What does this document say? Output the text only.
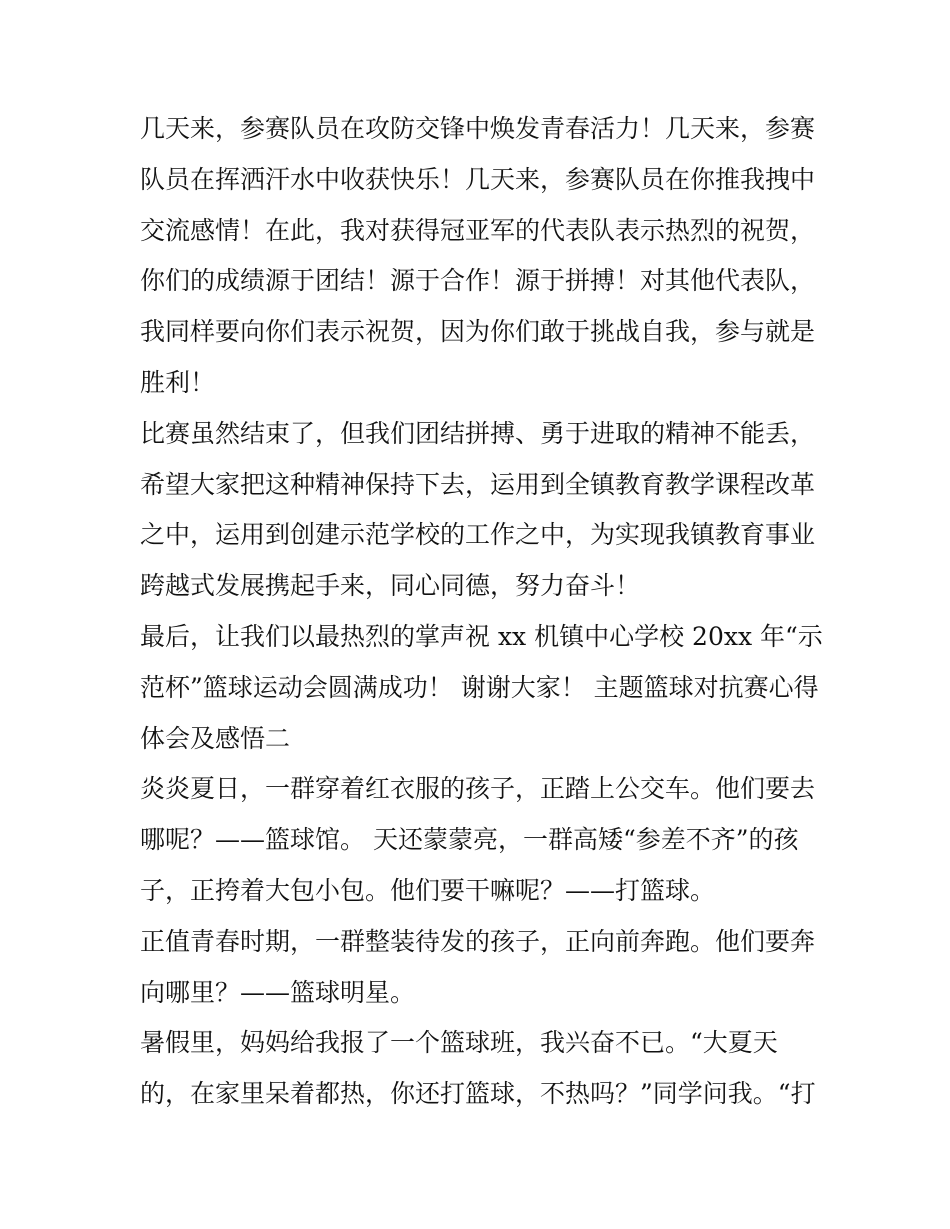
几天来，参赛队员在攻防交锋中焕发青春活力！几天来，参赛
队员在挥洒汗水中收获快乐！几天来，参赛队员在你推我拽中
交流感情！在此，我对获得冠亚军的代表队表示热烈的祝贺，
你们的成绩源于团结！源于合作！源于拼搏！对其他代表队，
我同样要向你们表示祝贺，因为你们敢于挑战自我，参与就是
胜利！
比赛虽然结束了，但我们团结拼搏、勇于进取的精神不能丢，
希望大家把这种精神保持下去，运用到全镇教育教学课程改革
之中，运用到创建示范学校的工作之中，为实现我镇教育事业
跨越式发展携起手来，同心同德，努力奋斗！
最后，让我们以最热烈的掌声祝 xx 机镇中心学校 20xx 年“示
范杯”篮球运动会圆满成功！ 谢谢大家！ 主题篮球对抗赛心得
体会及感悟二
炎炎夏日，一群穿着红衣服的孩子，正踏上公交车。他们要去
哪呢？——篮球馆。 天还蒙蒙亮，一群高矮“参差不齐”的孩
子，正挎着大包小包。他们要干嘛呢？——打篮球。
正值青春时期，一群整装待发的孩子，正向前奔跑。他们要奔
向哪里？——篮球明星。
暑假里，妈妈给我报了一个篮球班，我兴奋不已。“大夏天
的，在家里呆着都热，你还打篮球，不热吗？”同学问我。“打
